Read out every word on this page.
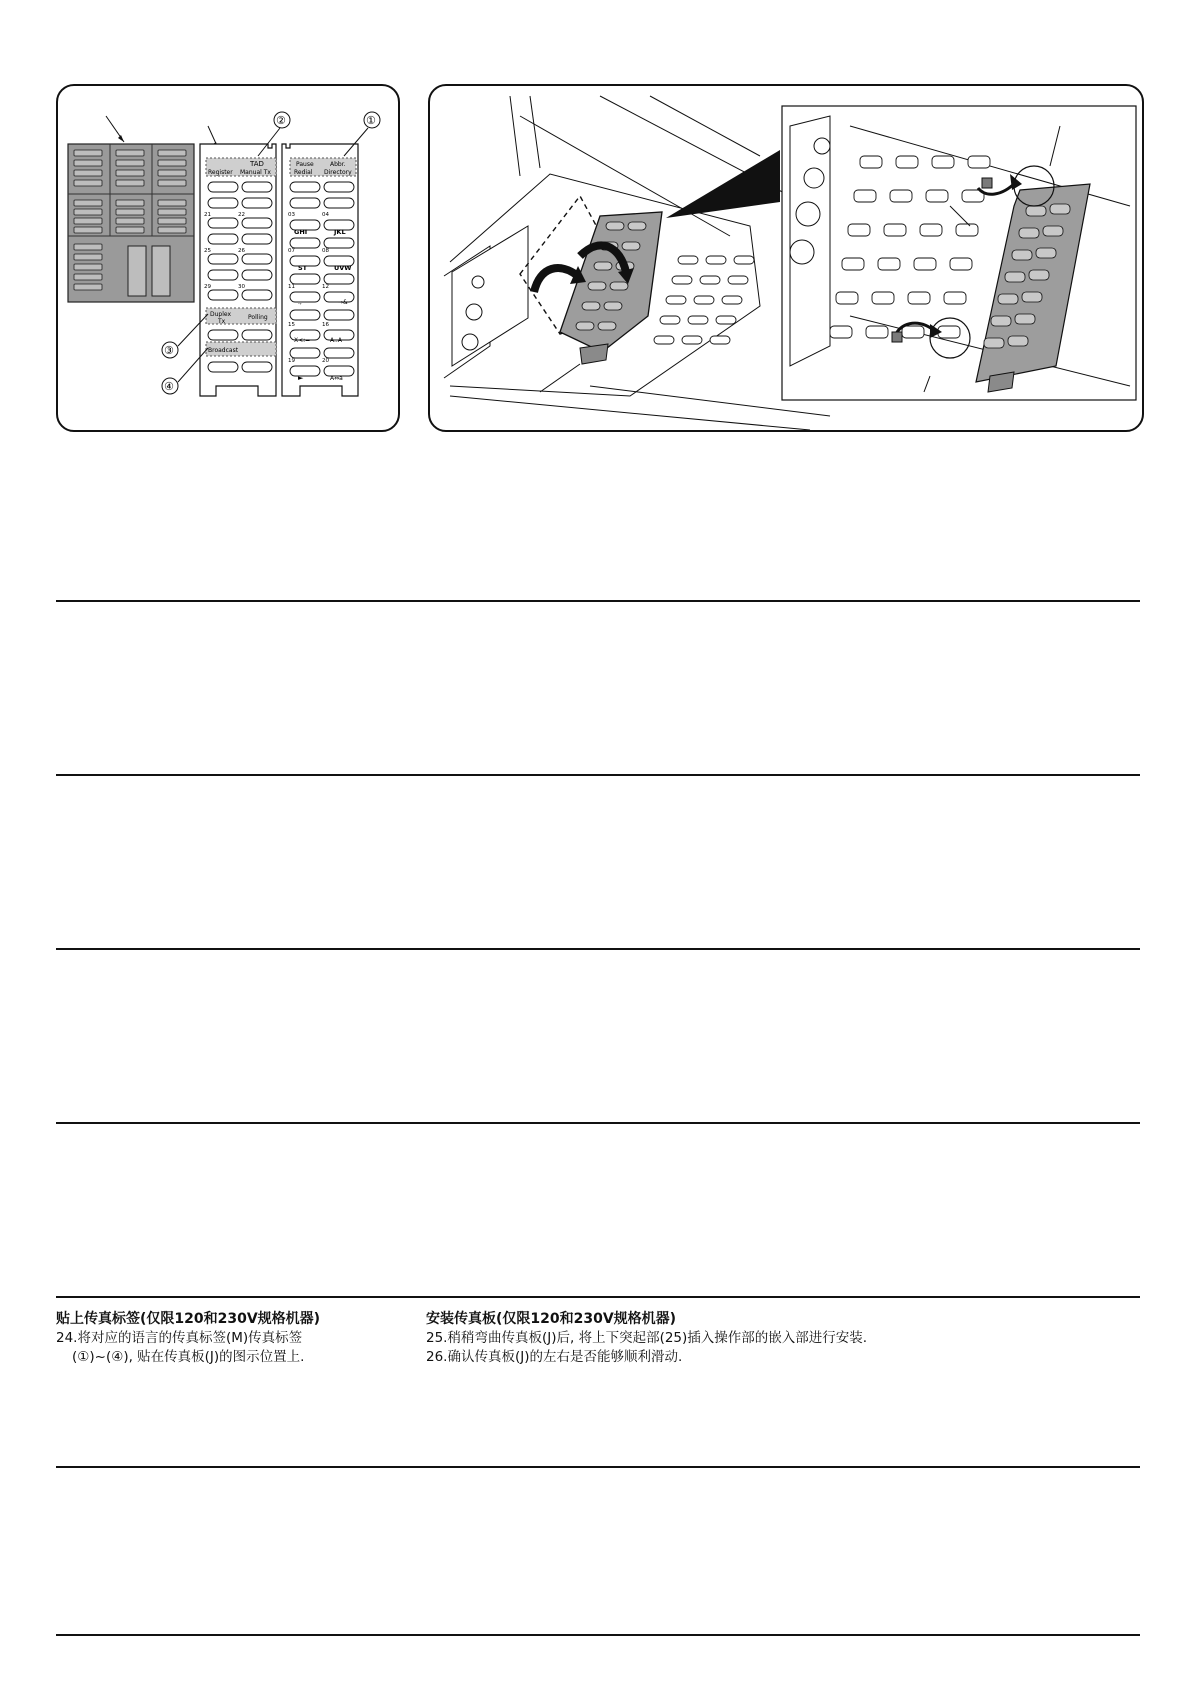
TAD
Register Manual Tx
21	22
25	26
29	30
Duplex
Tx
Polling
Broadcast
Pause	Abbr.
Redial Directory
03	04
GHI	JKL
07	08
ST	UVW
11	12
.,	→&
15	16
X<:=	A..A
19	20
►	A⇔a
②	①
③
④
贴上传真标签(仅限120和230V规格机器)

24.将对应的语言的传真标签(M)传真标签

(①)~(④), 贴在传真板(J)的图示位置上.

安装传真板(仅限120和230V规格机器)

25.稍稍弯曲传真板(J)后, 将上下突起部(25)插入操作部的嵌入部进行安装.

26.确认传真板(J)的左右是否能够顺利滑动.
